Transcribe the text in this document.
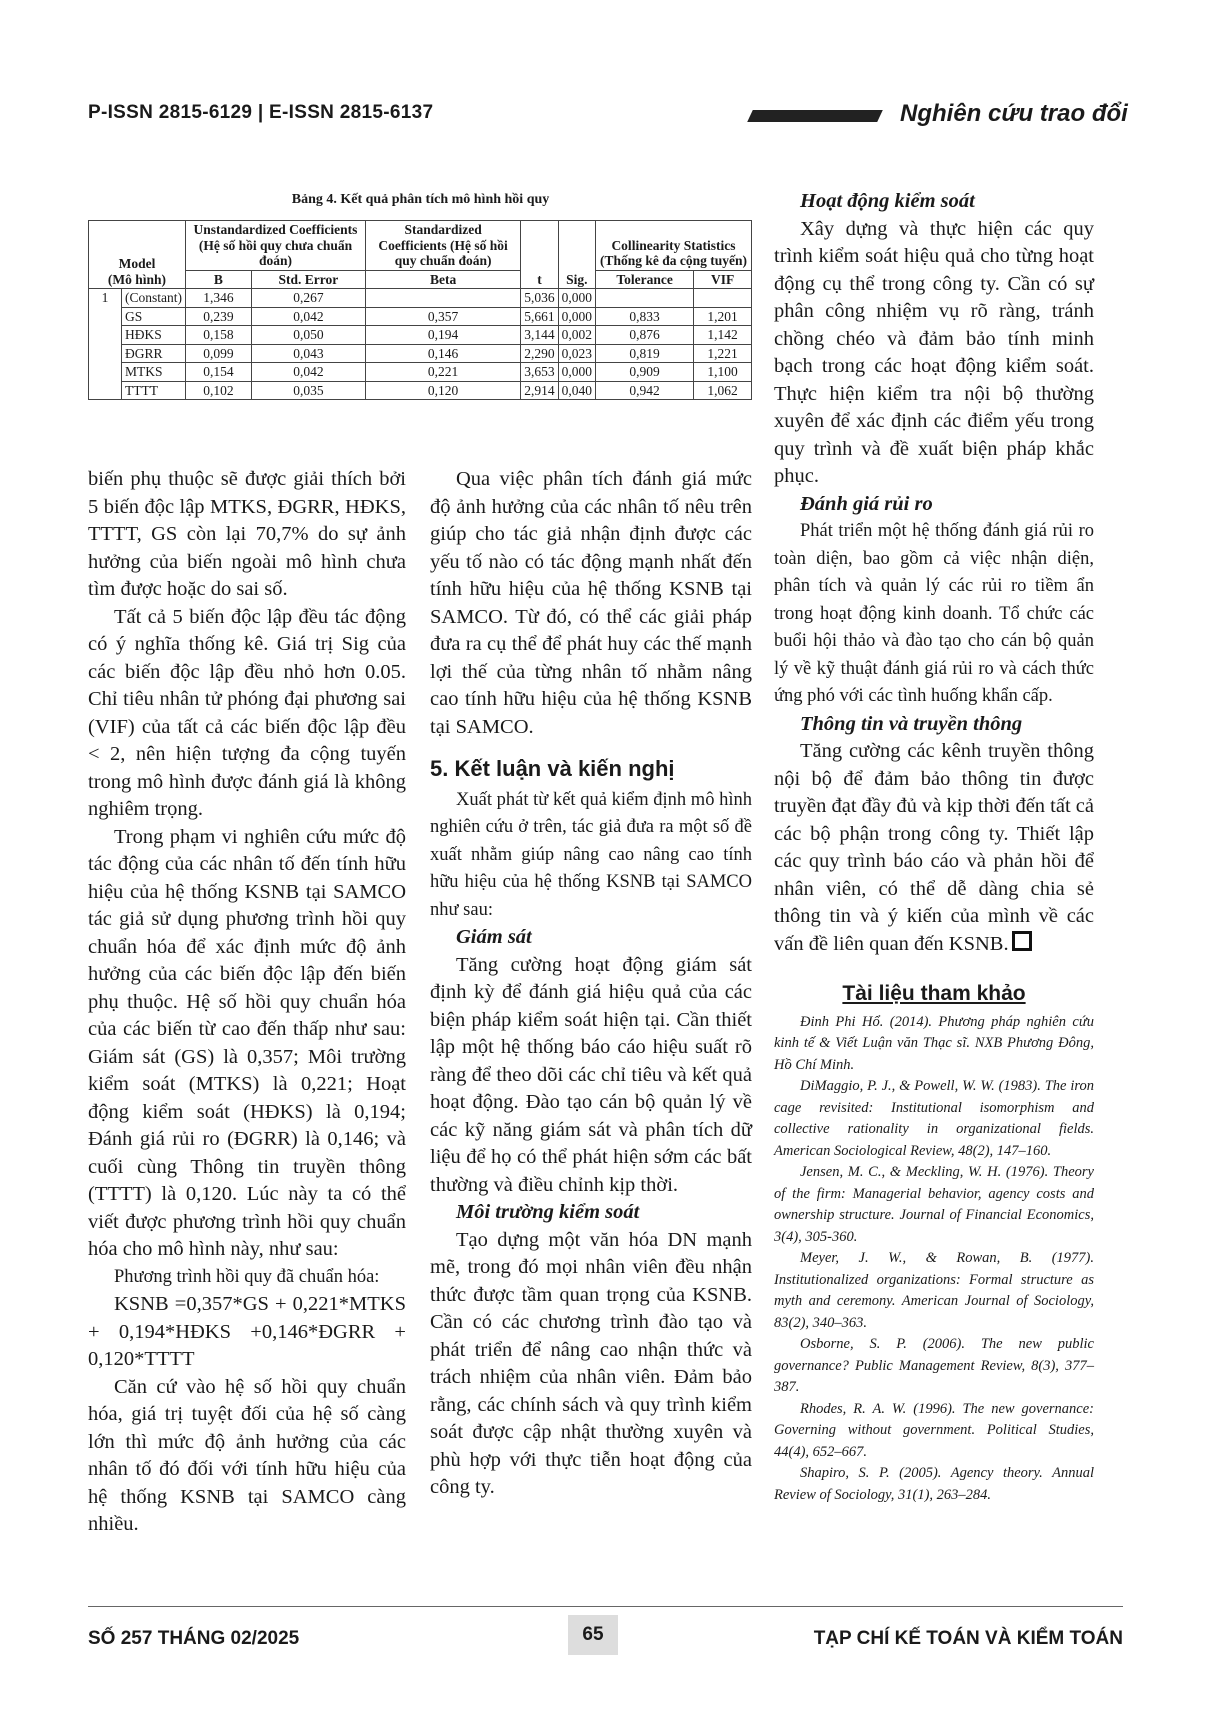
P-ISSN 2815-6129 | E-ISSN 2815-6137	Nghiên cứu trao đổi
Bảng 4. Kết quả phân tích mô hình hồi quy
Model
(Mô hình)		Unstandardized Coefficients (Hệ số hồi quy chưa chuẩn đoán)		Standardized Coefficients (Hệ số hồi quy chuẩn đoán)	t	Sig.	Collinearity Statistics (Thống kê đa cộng tuyến)	
		B	Std. Error	Beta			Tolerance	VIF
1	(Constant)	1,346	0,267		5,036	0,000		
	GS	0,239	0,042	0,357	5,661	0,000	0,833	1,201
	HĐKS	0,158	0,050	0,194	3,144	0,002	0,876	1,142
	ĐGRR	0,099	0,043	0,146	2,290	0,023	0,819	1,221
	MTKS	0,154	0,042	0,221	3,653	0,000	0,909	1,100
	TTTT	0,102	0,035	0,120	2,914	0,040	0,942	1,062

biến phụ thuộc sẽ được giải thích bởi 5 biến độc lập MTKS, ĐGRR, HĐKS, TTTT, GS còn lại 70,7% do sự ảnh hưởng của biến ngoài mô hình chưa tìm được hoặc do sai số.

Tất cả 5 biến độc lập đều tác động có ý nghĩa thống kê. Giá trị Sig của các biến độc lập đều nhỏ hơn 0.05. Chỉ tiêu nhân tử phóng đại phương sai (VIF) của tất cả các biến độc lập đều < 2, nên hiện tượng đa cộng tuyến trong mô hình được đánh giá là không nghiêm trọng.

Trong phạm vi nghiên cứu mức độ tác động của các nhân tố đến tính hữu hiệu của hệ thống KSNB tại SAMCO tác giả sử dụng phương trình hồi quy chuẩn hóa để xác định mức độ ảnh hưởng của các biến độc lập đến biến phụ thuộc. Hệ số hồi quy chuẩn hóa của các biến từ cao đến thấp như sau: Giám sát (GS) là 0,357; Môi trường kiểm soát (MTKS) là 0,221; Hoạt động kiểm soát (HĐKS) là 0,194; Đánh giá rủi ro (ĐGRR) là 0,146; và cuối cùng Thông tin truyền thông (TTTT) là 0,120. Lúc này ta có thể viết được phương trình hồi quy chuẩn hóa cho mô hình này, như sau:

Phương trình hồi quy đã chuẩn hóa:

KSNB =0,357*GS + 0,221*MTKS + 0,194*HĐKS +0,146*ĐGRR + 0,120*TTTT

Căn cứ vào hệ số hồi quy chuẩn hóa, giá trị tuyệt đối của hệ số càng lớn thì mức độ ảnh hưởng của các nhân tố đó đối với tính hữu hiệu của hệ thống KSNB tại SAMCO càng nhiều.

Qua việc phân tích đánh giá mức độ ảnh hưởng của các nhân tố nêu trên giúp cho tác giả nhận định được các yếu tố nào có tác động mạnh nhất đến tính hữu hiệu của hệ thống KSNB tại SAMCO. Từ đó, có thể các giải pháp đưa ra cụ thể để phát huy các thế mạnh lợi thế của từng nhân tố nhằm nâng cao tính hữu hiệu của hệ thống KSNB tại SAMCO.

5. Kết luận và kiến nghị

Xuất phát từ kết quả kiểm định mô hình nghiên cứu ở trên, tác giả đưa ra một số đề xuất nhằm giúp nâng cao nâng cao tính hữu hiệu của hệ thống KSNB tại SAMCO như sau:

Giám sát

Tăng cường hoạt động giám sát định kỳ để đánh giá hiệu quả của các biện pháp kiểm soát hiện tại. Cần thiết lập một hệ thống báo cáo hiệu suất rõ ràng để theo dõi các chỉ tiêu và kết quả hoạt động. Đào tạo cán bộ quản lý về các kỹ năng giám sát và phân tích dữ liệu để họ có thể phát hiện sớm các bất thường và điều chỉnh kịp thời.

Môi trường kiểm soát

Tạo dựng một văn hóa DN mạnh mẽ, trong đó mọi nhân viên đều nhận thức được tầm quan trọng của KSNB. Cần có các chương trình đào tạo và phát triển để nâng cao nhận thức và trách nhiệm của nhân viên. Đảm bảo rằng, các chính sách và quy trình kiểm soát được cập nhật thường xuyên và phù hợp với thực tiễn hoạt động của công ty.

Hoạt động kiểm soát

Xây dựng và thực hiện các quy trình kiểm soát hiệu quả cho từng hoạt động cụ thể trong công ty. Cần có sự phân công nhiệm vụ rõ ràng, tránh chồng chéo và đảm bảo tính minh bạch trong các hoạt động kiểm soát. Thực hiện kiểm tra nội bộ thường xuyên để xác định các điểm yếu trong quy trình và đề xuất biện pháp khắc phục.

Đánh giá rủi ro

Phát triển một hệ thống đánh giá rủi ro toàn diện, bao gồm cả việc nhận diện, phân tích và quản lý các rủi ro tiềm ẩn trong hoạt động kinh doanh. Tổ chức các buổi hội thảo và đào tạo cho cán bộ quản lý về kỹ thuật đánh giá rủi ro và cách thức ứng phó với các tình huống khẩn cấp.

Thông tin và truyền thông

Tăng cường các kênh truyền thông nội bộ để đảm bảo thông tin được truyền đạt đầy đủ và kịp thời đến tất cả các bộ phận trong công ty. Thiết lập các quy trình báo cáo và phản hồi để nhân viên, có thể dễ dàng chia sẻ thông tin và ý kiến của mình về các vấn đề liên quan đến KSNB.

Tài liệu tham khảo

Đinh Phi Hổ. (2014). Phương pháp nghiên cứu kinh tế & Viết Luận văn Thạc sĩ. NXB Phương Đông, Hồ Chí Minh.

DiMaggio, P. J., & Powell, W. W. (1983). The iron cage revisited: Institutional isomorphism and collective rationality in organizational fields. American Sociological Review, 48(2), 147–160.

Jensen, M. C., & Meckling, W. H. (1976). Theory of the firm: Managerial behavior, agency costs and ownership structure. Journal of Financial Economics, 3(4), 305-360.

Meyer, J. W., & Rowan, B. (1977). Institutionalized organizations: Formal structure as myth and ceremony. American Journal of Sociology, 83(2), 340–363.

Osborne, S. P. (2006). The new public governance? Public Management Review, 8(3), 377–387.

Rhodes, R. A. W. (1996). The new governance: Governing without government. Political Studies, 44(4), 652–667.

Shapiro, S. P. (2005). Agency theory. Annual Review of Sociology, 31(1), 263–284.

SỐ 257 THÁNG 02/2025	65	TẠP CHÍ KẾ TOÁN VÀ KIỂM TOÁN
